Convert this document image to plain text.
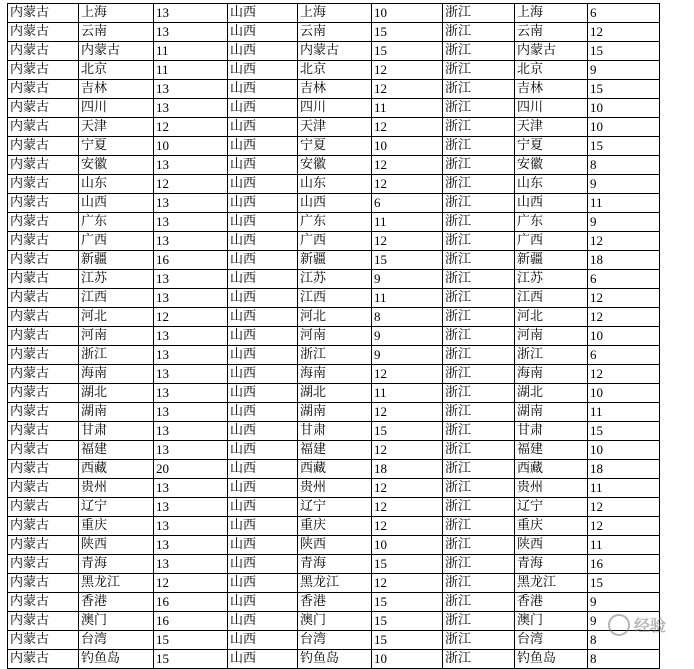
内蒙古	上海	13	山西	上海	10	浙江	上海	6
内蒙古	云南	13	山西	云南	15	浙江	云南	12
内蒙古	内蒙古	11	山西	内蒙古	15	浙江	内蒙古	15
内蒙古	北京	11	山西	北京	12	浙江	北京	9
内蒙古	吉林	13	山西	吉林	12	浙江	吉林	15
内蒙古	四川	13	山西	四川	11	浙江	四川	10
内蒙古	天津	12	山西	天津	12	浙江	天津	10
内蒙古	宁夏	10	山西	宁夏	10	浙江	宁夏	15
内蒙古	安徽	13	山西	安徽	12	浙江	安徽	8
内蒙古	山东	12	山西	山东	12	浙江	山东	9
内蒙古	山西	13	山西	山西	6	浙江	山西	11
内蒙古	广东	13	山西	广东	11	浙江	广东	9
内蒙古	广西	13	山西	广西	12	浙江	广西	12
内蒙古	新疆	16	山西	新疆	15	浙江	新疆	18
内蒙古	江苏	13	山西	江苏	9	浙江	江苏	6
内蒙古	江西	13	山西	江西	11	浙江	江西	12
内蒙古	河北	12	山西	河北	8	浙江	河北	12
内蒙古	河南	13	山西	河南	9	浙江	河南	10
内蒙古	浙江	13	山西	浙江	9	浙江	浙江	6
内蒙古	海南	13	山西	海南	12	浙江	海南	12
内蒙古	湖北	13	山西	湖北	11	浙江	湖北	10
内蒙古	湖南	13	山西	湖南	12	浙江	湖南	11
内蒙古	甘肃	13	山西	甘肃	15	浙江	甘肃	15
内蒙古	福建	13	山西	福建	12	浙江	福建	10
内蒙古	西藏	20	山西	西藏	18	浙江	西藏	18
内蒙古	贵州	13	山西	贵州	12	浙江	贵州	11
内蒙古	辽宁	13	山西	辽宁	12	浙江	辽宁	12
内蒙古	重庆	13	山西	重庆	12	浙江	重庆	12
内蒙古	陕西	13	山西	陕西	10	浙江	陕西	11
内蒙古	青海	13	山西	青海	15	浙江	青海	16
内蒙古	黑龙江	12	山西	黑龙江	12	浙江	黑龙江	15
内蒙古	香港	16	山西	香港	15	浙江	香港	9
内蒙古	澳门	16	山西	澳门	15	浙江	澳门	9
内蒙古	台湾	15	山西	台湾	15	浙江	台湾	8
内蒙古	钓鱼岛	15	山西	钓鱼岛	10	浙江	钓鱼岛	8
经验
